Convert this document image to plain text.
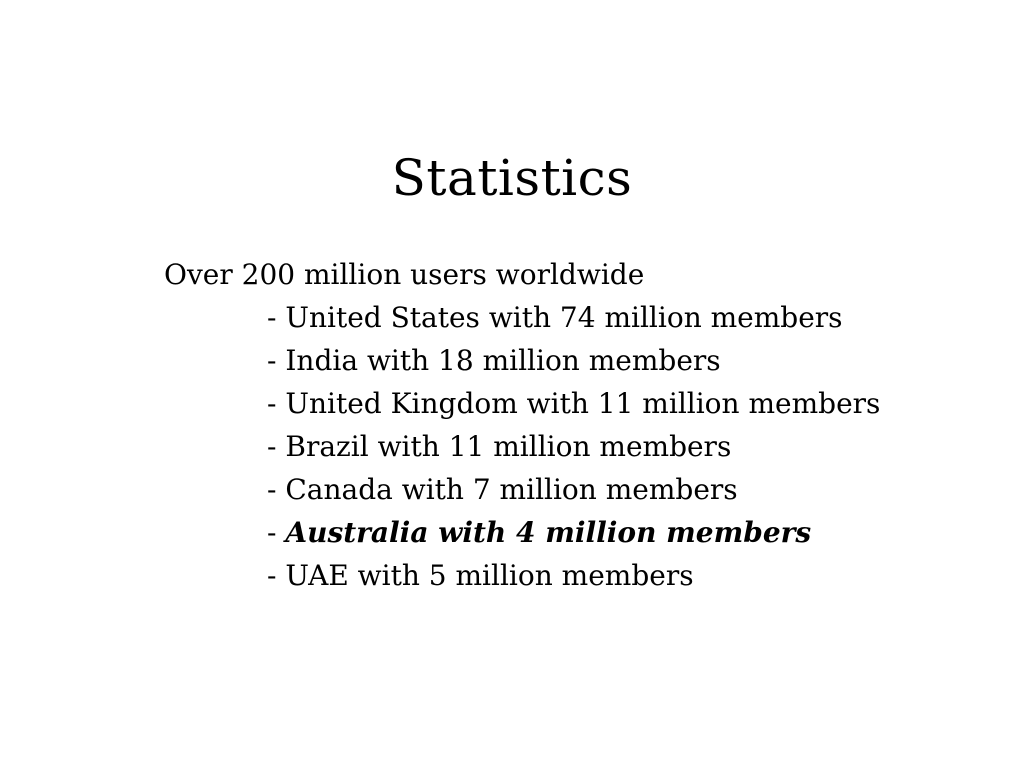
Statistics
Over 200 million users worldwide
- United States with 74 million members
- India with 18 million members
- United Kingdom with 11 million members
- Brazil with 11 million members
- Canada with 7 million members
- Australia with 4 million members
- UAE with 5 million members
